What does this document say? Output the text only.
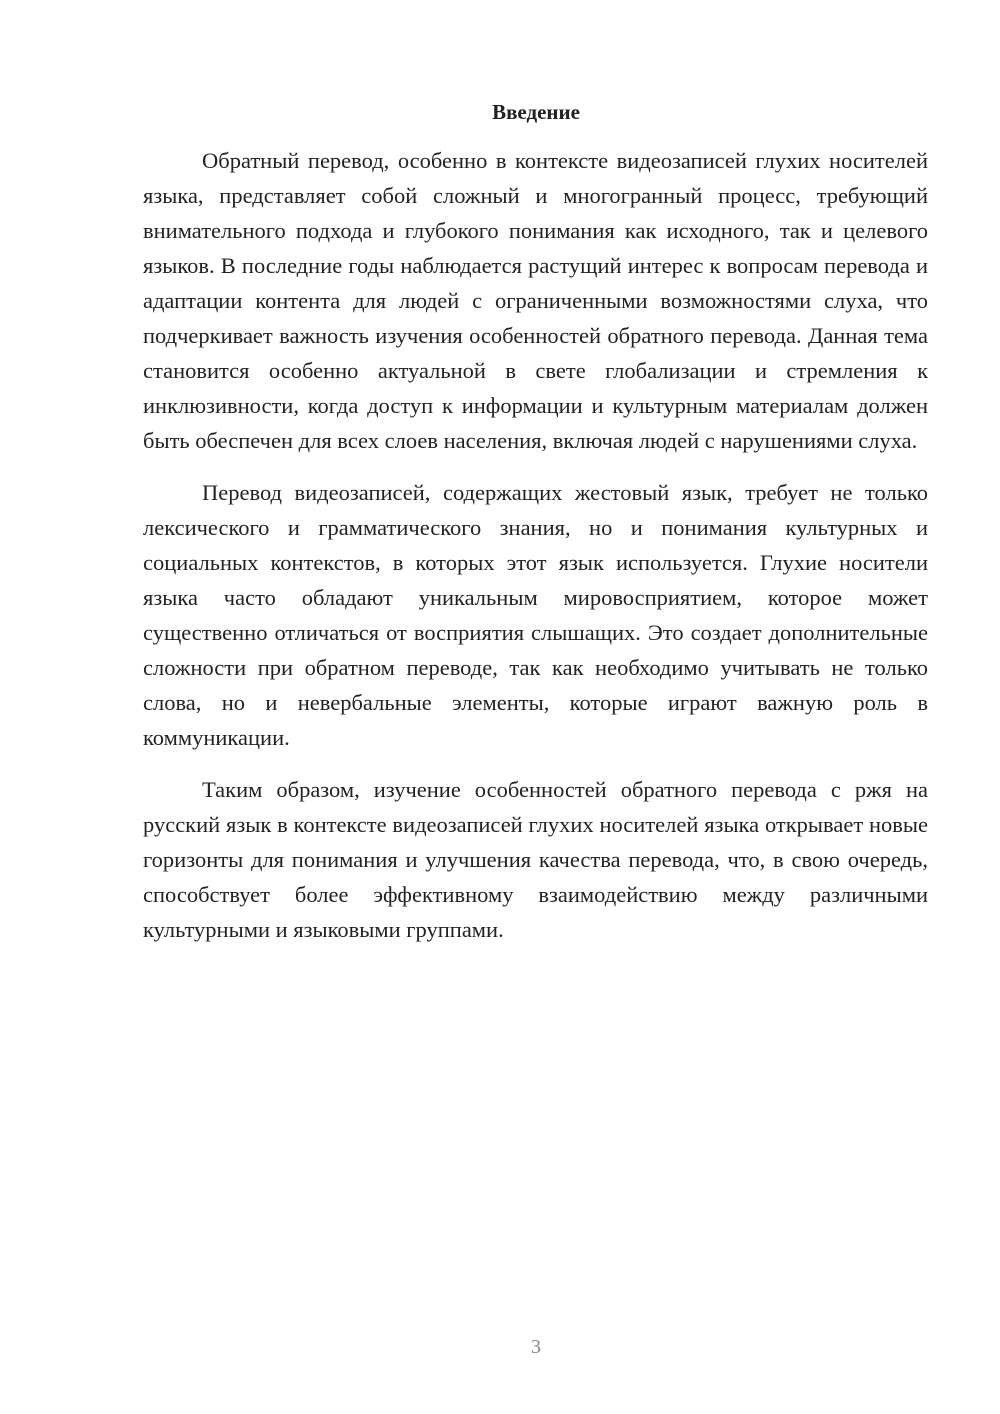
Введение

Обратный перевод, особенно в контексте видеозаписей глухих носителей языка, представляет собой сложный и многогранный процесс, требующий внимательного подхода и глубокого понимания как исходного, так и целевого языков. В последние годы наблюдается растущий интерес к вопросам перевода и адаптации контента для людей с ограниченными возможностями слуха, что подчеркивает важность изучения особенностей обратного перевода. Данная тема становится особенно актуальной в свете глобализации и стремления к инклюзивности, когда доступ к информации и культурным материалам должен быть обеспечен для всех слоев населения, включая людей с нарушениями слуха.

Перевод видеозаписей, содержащих жестовый язык, требует не только лексического и грамматического знания, но и понимания культурных и социальных контекстов, в которых этот язык используется. Глухие носители языка часто обладают уникальным мировосприятием, которое может существенно отличаться от восприятия слышащих. Это создает дополнительные сложности при обратном переводе, так как необходимо учитывать не только слова, но и невербальные элементы, которые играют важную роль в коммуникации.

Таким образом, изучение особенностей обратного перевода с ржя на русский язык в контексте видеозаписей глухих носителей языка открывает новые горизонты для понимания и улучшения качества перевода, что, в свою очередь, способствует более эффективному взаимодействию между различными культурными и языковыми группами.

3
